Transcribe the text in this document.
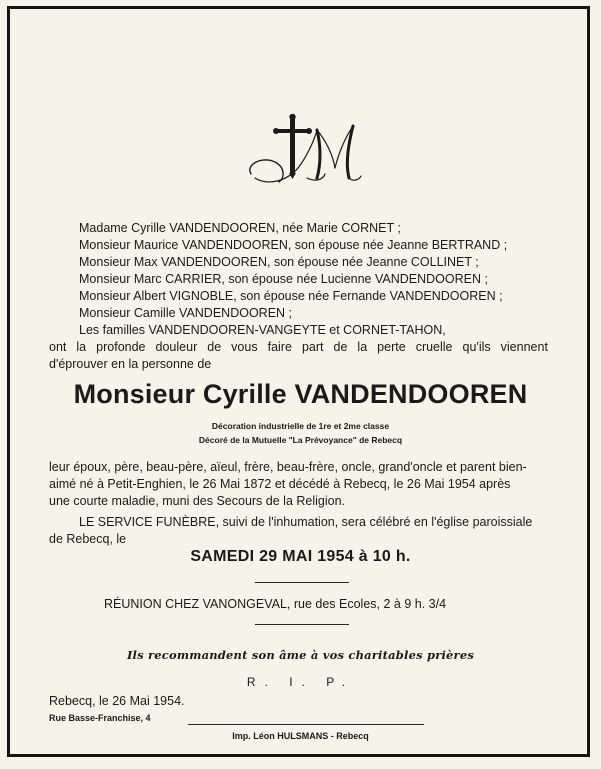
Madame Cyrille VANDENDOOREN, née Marie CORNET ;
Monsieur Maurice VANDENDOOREN, son épouse née Jeanne BERTRAND ;
Monsieur Max VANDENDOOREN, son épouse née Jeanne COLLINET ;
Monsieur Marc CARRIER, son épouse née Lucienne VANDENDOOREN ;
Monsieur Albert VIGNOBLE, son épouse née Fernande VANDENDOOREN ;
Monsieur Camille VANDENDOOREN ;
Les familles VANDENDOOREN-VANGEYTE et CORNET-TAHON,
ont la profonde douleur de vous faire part de la perte cruelle qu'ils viennent
d'éprouver en la personne de
Monsieur Cyrille VANDENDOOREN
Décoration industrielle de 1re et 2me classe
Décoré de la Mutuelle "La Prévoyance" de Rebecq
leur époux, père, beau-père, aïeul, frère, beau-frère, oncle, grand'oncle et parent bien-
aimé né à Petit-Enghien, le 26 Mai 1872 et décédé à Rebecq, le 26 Mai 1954 après
une courte maladie, muni des Secours de la Religion.
LE SERVICE FUNÈBRE, suivi de l'inhumation, sera célébré en l'église paroissiale
de Rebecq, le
SAMEDI 29 MAI 1954 à 10 h.
RÉUNION CHEZ VANONGEVAL, rue des Ecoles, 2 à 9 h. 3/4
Ils recommandent son âme à vos charitables prières
R. I. P.
Rebecq, le 26 Mai 1954.
Rue Basse-Franchise, 4
Imp. Léon HULSMANS - Rebecq
